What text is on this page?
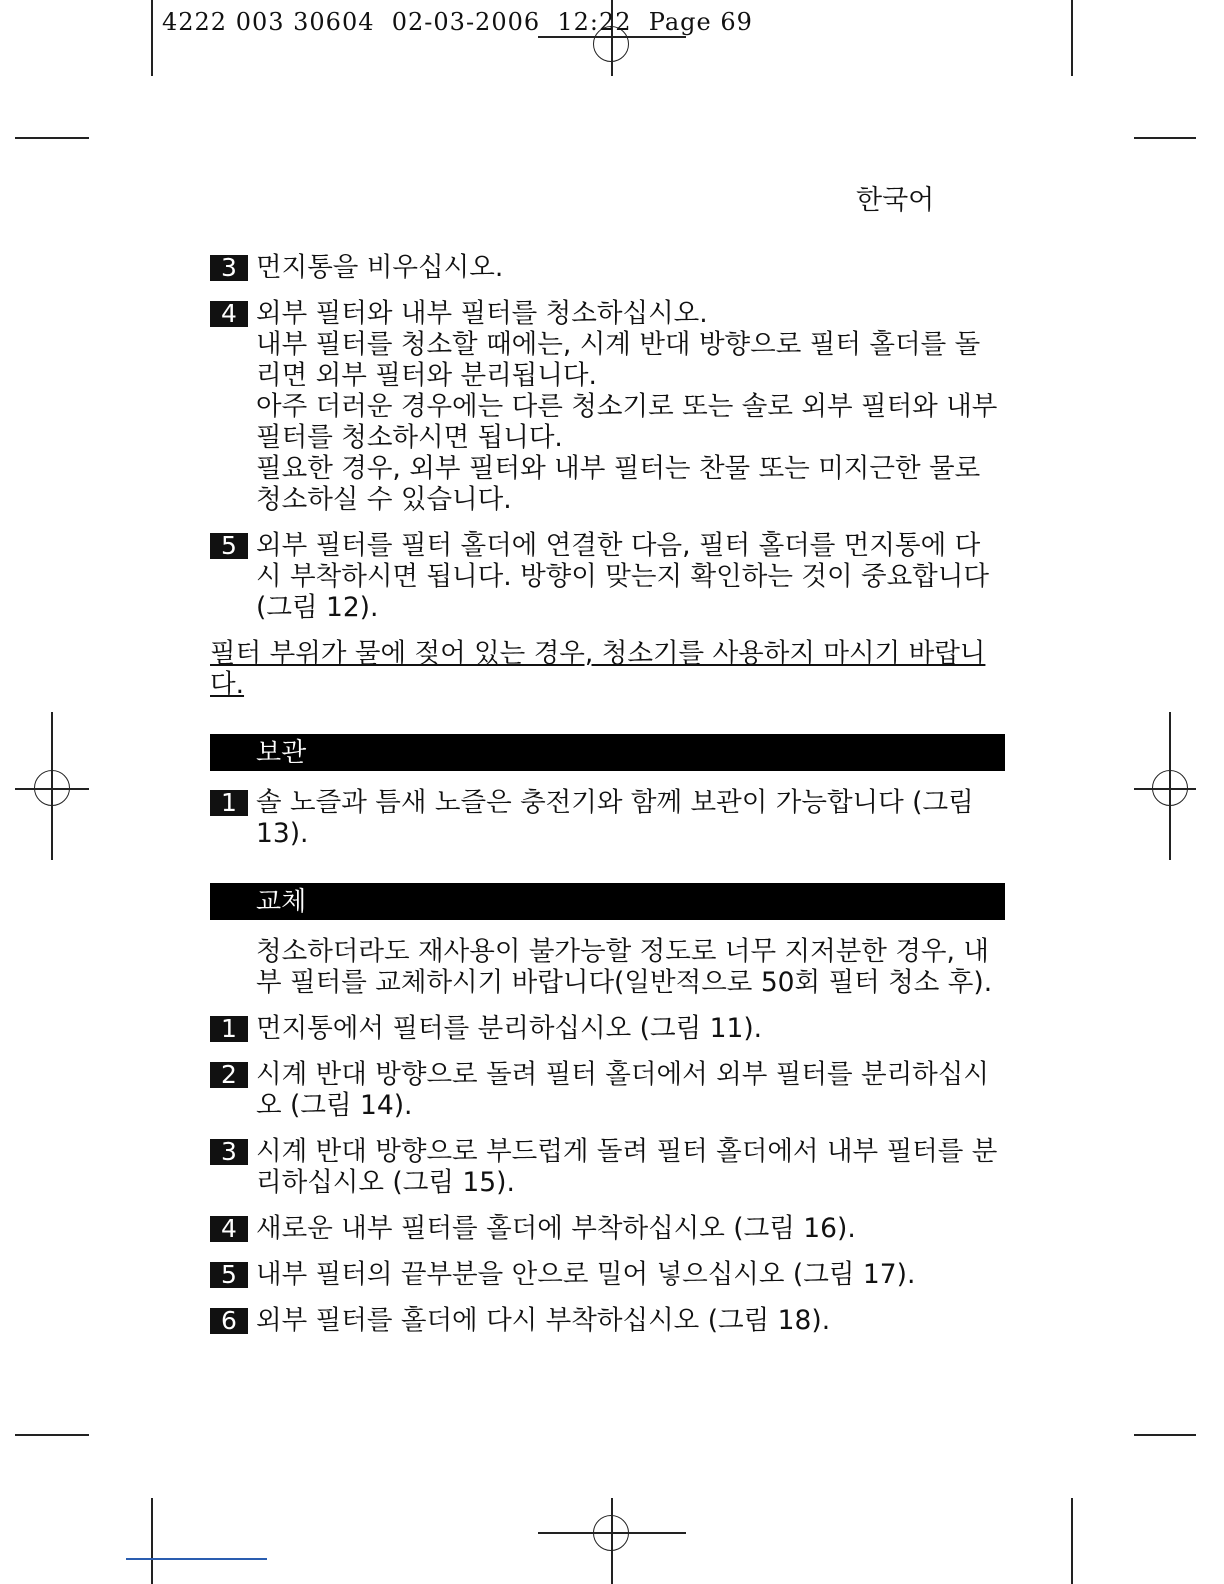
4222 003 30604  02-03-2006  12:22  Page 69
한국어
3 먼지통을 비우십시오.
4 외부 필터와 내부 필터를 청소하십시오.
내부 필터를 청소할 때에는, 시계 반대 방향으로 필터 홀더를 돌리면 외부 필터와 분리됩니다.
아주 더러운 경우에는 다른 청소기로 또는 솔로 외부 필터와 내부 필터를 청소하시면 됩니다.
필요한 경우, 외부 필터와 내부 필터는 찬물 또는 미지근한 물로 청소하실 수 있습니다.
5 외부 필터를 필터 홀더에 연결한 다음, 필터 홀더를 먼지통에 다시 부착하시면 됩니다. 방향이 맞는지 확인하는 것이 중요합니다 (그림 12).
필터 부위가 물에 젖어 있는 경우, 청소기를 사용하지 마시기 바랍니다.
보관
1 솔 노즐과 틈새 노즐은 충전기와 함께 보관이 가능합니다 (그림 13).
교체
청소하더라도 재사용이 불가능할 정도로 너무 지저분한 경우, 내부 필터를 교체하시기 바랍니다(일반적으로 50회 필터 청소 후).
1 먼지통에서 필터를 분리하십시오 (그림 11).
2 시계 반대 방향으로 돌려 필터 홀더에서 외부 필터를 분리하십시오 (그림 14).
3 시계 반대 방향으로 부드럽게 돌려 필터 홀더에서 내부 필터를 분리하십시오 (그림 15).
4 새로운 내부 필터를 홀더에 부착하십시오 (그림 16).
5 내부 필터의 끝부분을 안으로 밀어 넣으십시오 (그림 17).
6 외부 필터를 홀더에 다시 부착하십시오 (그림 18).
